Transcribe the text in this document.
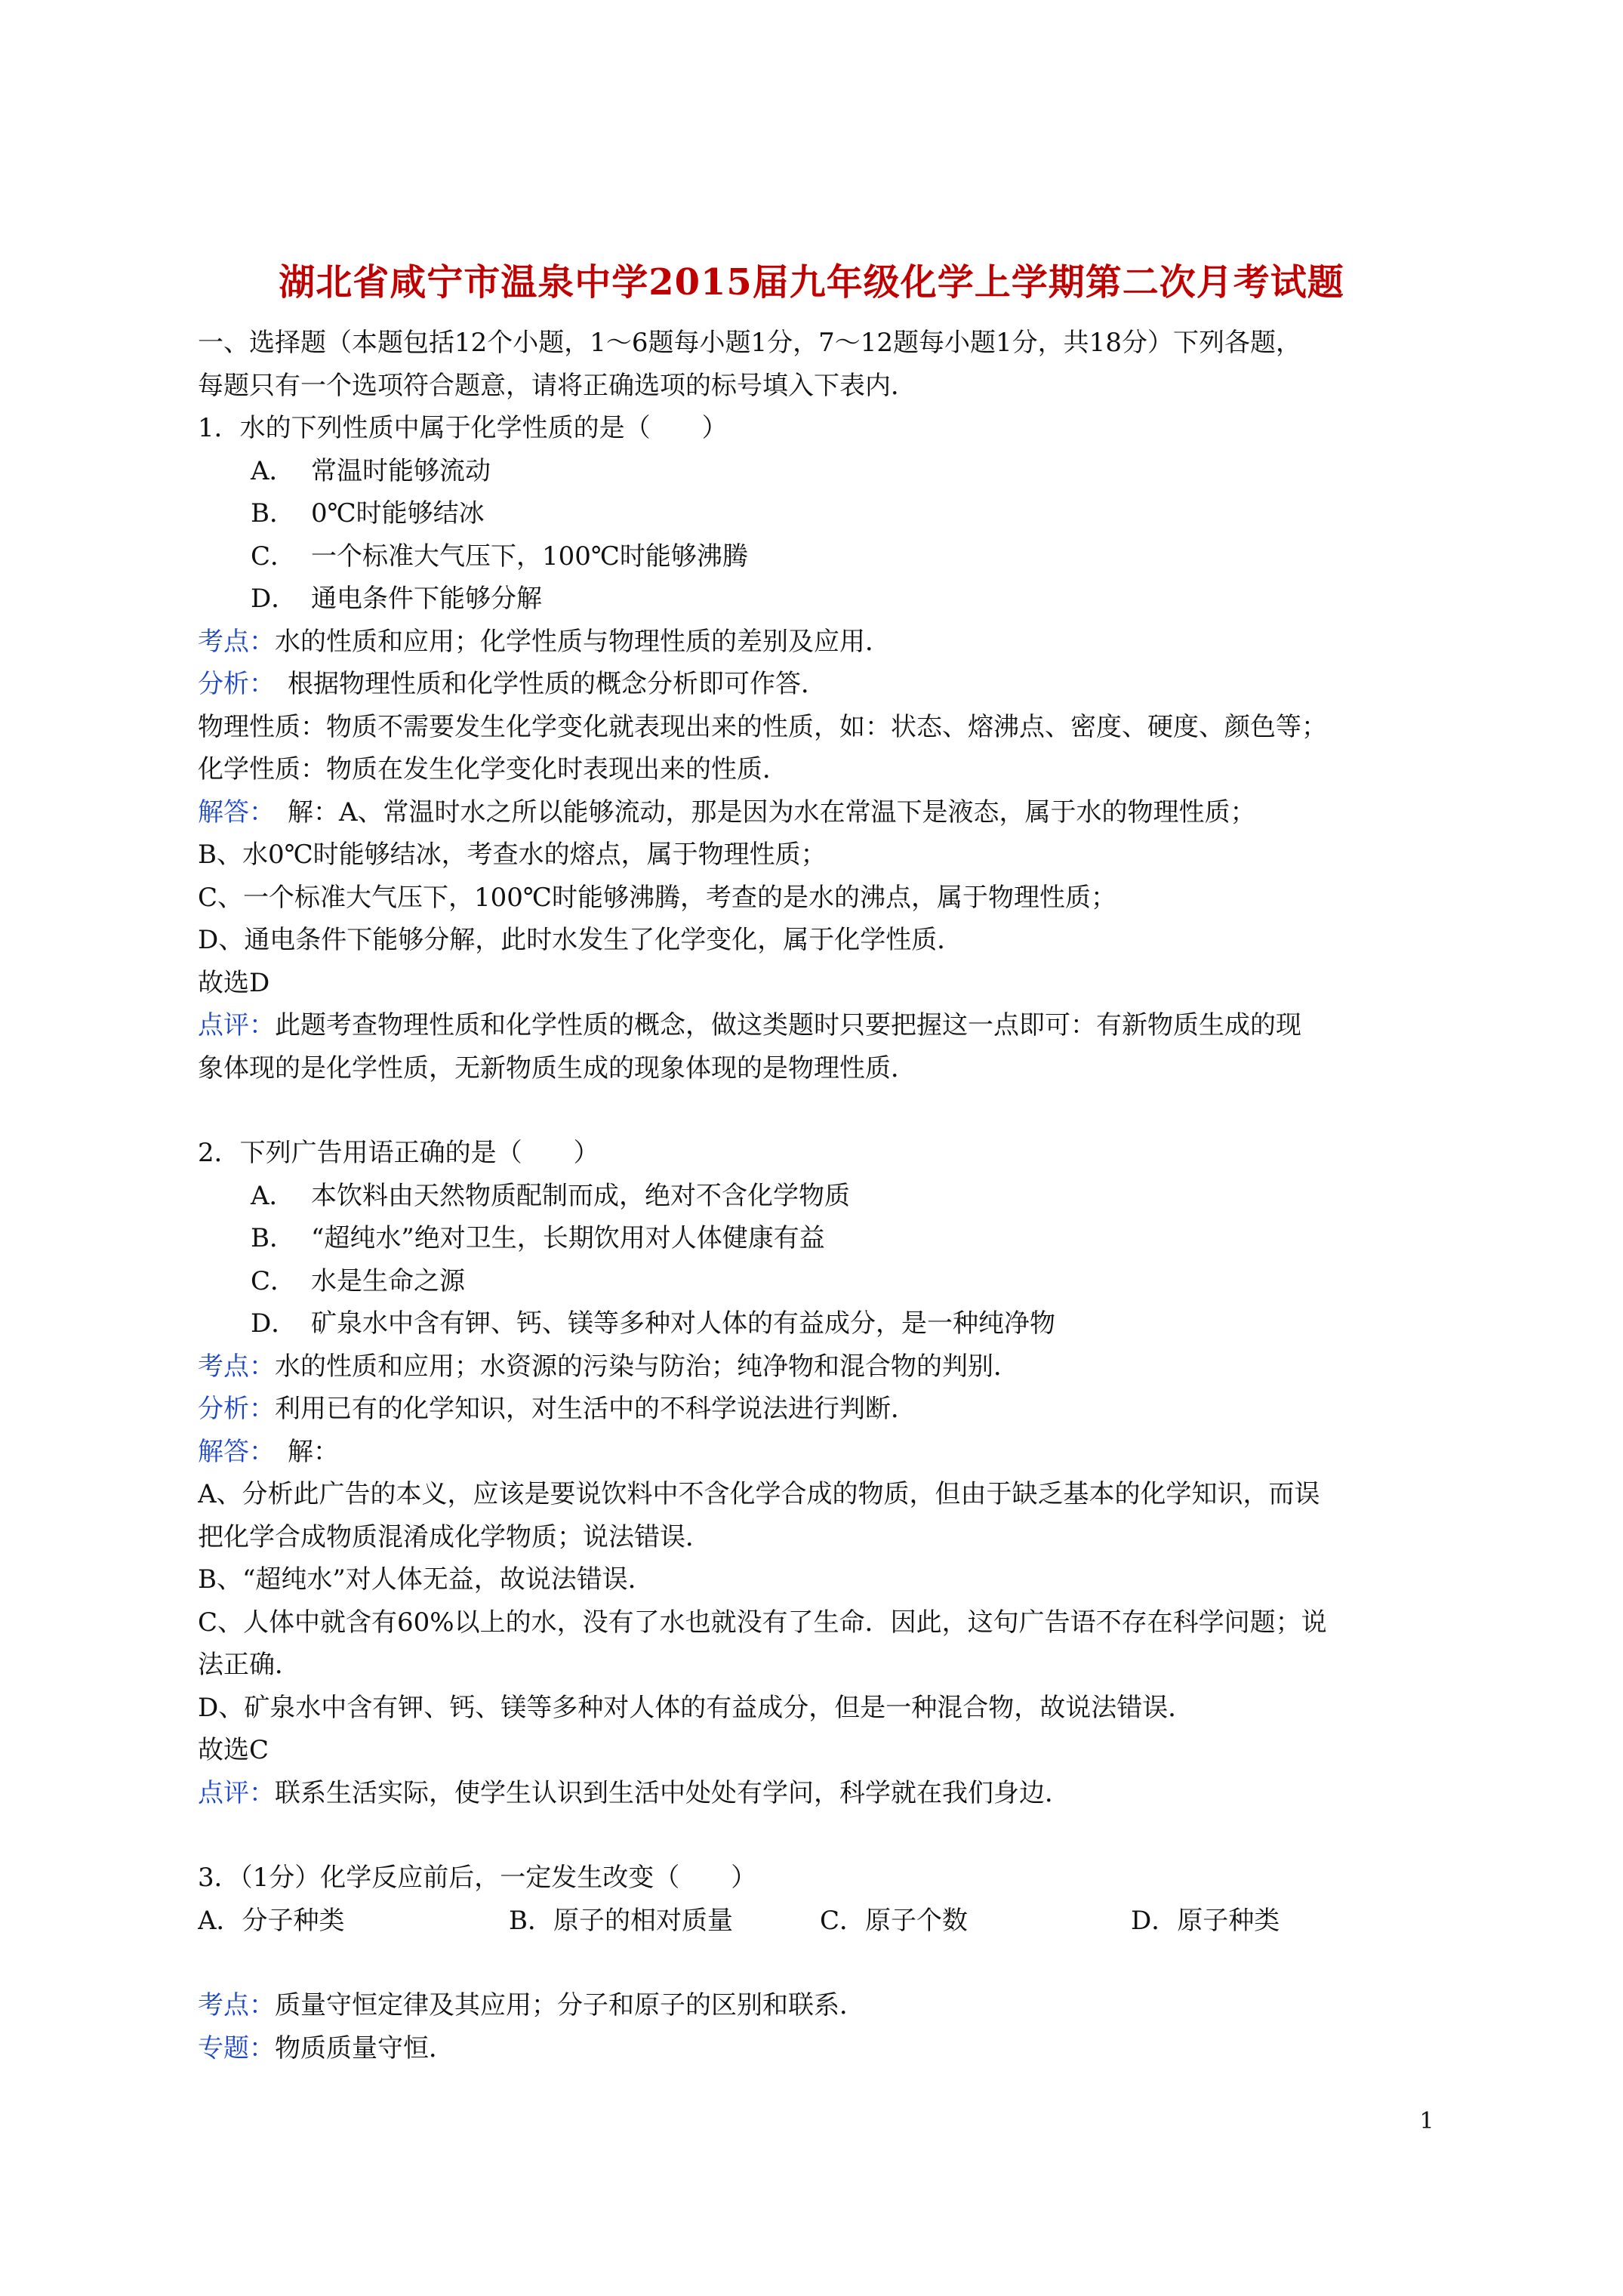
湖北省咸宁市温泉中学2015届九年级化学上学期第二次月考试题
一、选择题（本题包括12个小题，1～6题每小题1分，7～12题每小题1分，共18分）下列各题，
每题只有一个选项符合题意，请将正确选项的标号填入下表内．
1．水的下列性质中属于化学性质的是（　　）
A． 常温时能够流动
B． 0℃时能够结冰
C． 一个标准大气压下，100℃时能够沸腾
D． 通电条件下能够分解
考点：水的性质和应用；化学性质与物理性质的差别及应用．
分析：　根据物理性质和化学性质的概念分析即可作答．
物理性质：物质不需要发生化学变化就表现出来的性质，如：状态、熔沸点、密度、硬度、颜色等；
化学性质：物质在发生化学变化时表现出来的性质．
解答：　解：A、常温时水之所以能够流动，那是因为水在常温下是液态，属于水的物理性质；
B、水0℃时能够结冰，考查水的熔点，属于物理性质；
C、一个标准大气压下，100℃时能够沸腾，考查的是水的沸点，属于物理性质；
D、通电条件下能够分解，此时水发生了化学变化，属于化学性质．
故选D
点评：此题考查物理性质和化学性质的概念，做这类题时只要把握这一点即可：有新物质生成的现
象体现的是化学性质，无新物质生成的现象体现的是物理性质．
2．下列广告用语正确的是（　　）
A． 本饮料由天然物质配制而成，绝对不含化学物质
B． “超纯水”绝对卫生，长期饮用对人体健康有益
C． 水是生命之源
D． 矿泉水中含有钾、钙、镁等多种对人体的有益成分，是一种纯净物
考点：水的性质和应用；水资源的污染与防治；纯净物和混合物的判别．
分析：利用已有的化学知识，对生活中的不科学说法进行判断．
解答：　解：
A、分析此广告的本义，应该是要说饮料中不含化学合成的物质，但由于缺乏基本的化学知识，而误
把化学合成物质混淆成化学物质；说法错误．
B、“超纯水”对人体无益，故说法错误．
C、人体中就含有60%以上的水，没有了水也就没有了生命．因此，这句广告语不存在科学问题；说
法正确．
D、矿泉水中含有钾、钙、镁等多种对人体的有益成分，但是一种混合物，故说法错误．
故选C
点评：联系生活实际，使学生认识到生活中处处有学问，科学就在我们身边．
3．（1分）化学反应前后，一定发生改变（　　）
A．分子种类	B．原子的相对质量	C．原子个数	D．原子种类
考点：质量守恒定律及其应用；分子和原子的区别和联系．
专题：物质质量守恒．
1
